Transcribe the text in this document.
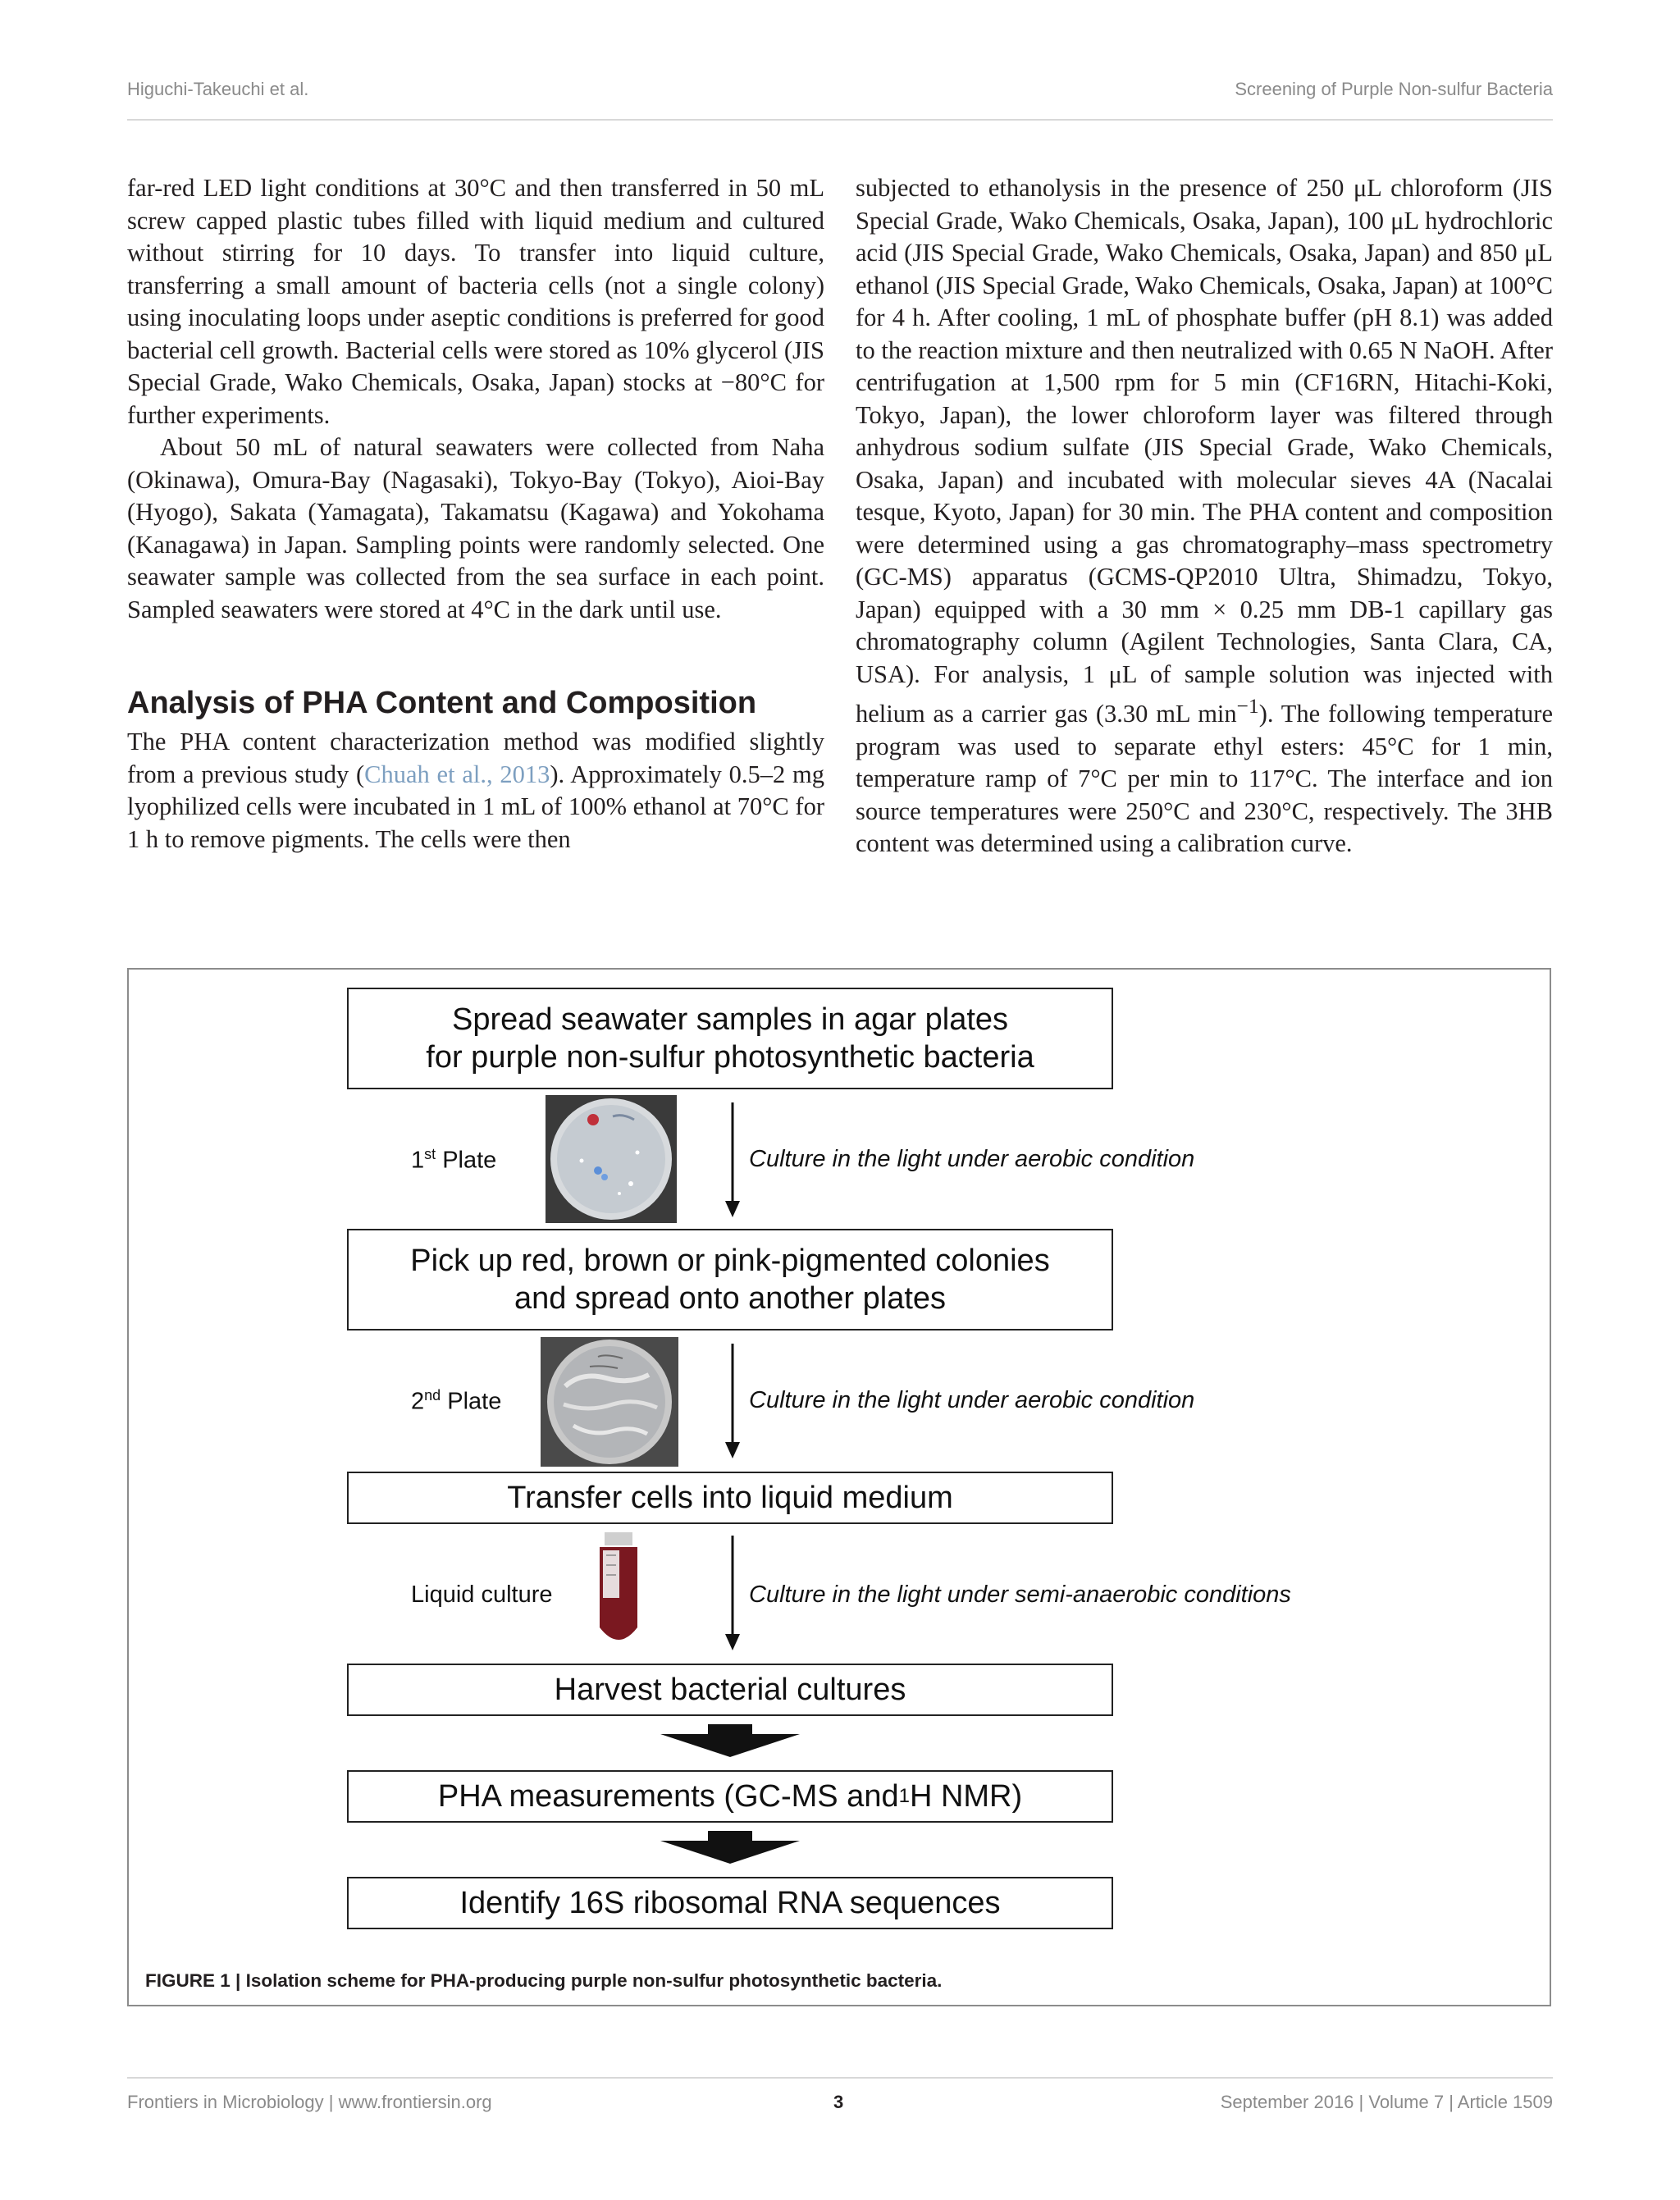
Higuchi-Takeuchi et al.	Screening of Purple Non-sulfur Bacteria

far-red LED light conditions at 30°C and then transferred in 50 mL screw capped plastic tubes filled with liquid medium and cultured without stirring for 10 days. To transfer into liquid culture, transferring a small amount of bacteria cells (not a single colony) using inoculating loops under aseptic conditions is preferred for good bacterial cell growth. Bacterial cells were stored as 10% glycerol (JIS Special Grade, Wako Chemicals, Osaka, Japan) stocks at −80°C for further experiments.

About 50 mL of natural seawaters were collected from Naha (Okinawa), Omura-Bay (Nagasaki), Tokyo-Bay (Tokyo), Aioi-Bay (Hyogo), Sakata (Yamagata), Takamatsu (Kagawa) and Yokohama (Kanagawa) in Japan. Sampling points were randomly selected. One seawater sample was collected from the sea surface in each point. Sampled seawaters were stored at 4°C in the dark until use.

Analysis of PHA Content and Composition

The PHA content characterization method was modified slightly from a previous study (Chuah et al., 2013). Approximately 0.5–2 mg lyophilized cells were incubated in 1 mL of 100% ethanol at 70°C for 1 h to remove pigments. The cells were then

subjected to ethanolysis in the presence of 250 μL chloroform (JIS Special Grade, Wako Chemicals, Osaka, Japan), 100 μL hydrochloric acid (JIS Special Grade, Wako Chemicals, Osaka, Japan) and 850 μL ethanol (JIS Special Grade, Wako Chemicals, Osaka, Japan) at 100°C for 4 h. After cooling, 1 mL of phosphate buffer (pH 8.1) was added to the reaction mixture and then neutralized with 0.65 N NaOH. After centrifugation at 1,500 rpm for 5 min (CF16RN, Hitachi-Koki, Tokyo, Japan), the lower chloroform layer was filtered through anhydrous sodium sulfate (JIS Special Grade, Wako Chemicals, Osaka, Japan) and incubated with molecular sieves 4A (Nacalai tesque, Kyoto, Japan) for 30 min. The PHA content and composition were determined using a gas chromatography–mass spectrometry (GC-MS) apparatus (GCMS-QP2010 Ultra, Shimadzu, Tokyo, Japan) equipped with a 30 mm × 0.25 mm DB-1 capillary gas chromatography column (Agilent Technologies, Santa Clara, CA, USA). For analysis, 1 μL of sample solution was injected with helium as a carrier gas (3.30 mL $\min^{-1}$). The following temperature program was used to separate ethyl esters: 45°C for 1 min, temperature ramp of 7°C per min to 117°C. The interface and ion source temperatures were 250°C and 230°C, respectively. The 3HB content was determined using a calibration curve.

Spread seawater samples in agar plates
for purple non-sulfur photosynthetic bacteria
1st Plate	Culture in the light under aerobic condition
Pick up red, brown or pink-pigmented colonies
and spread onto another plates
2nd Plate	Culture in the light under aerobic condition
Transfer cells into liquid medium
Liquid culture	Culture in the light under semi-anaerobic conditions
Harvest bacterial cultures
PHA measurements (GC-MS and 1 H NMR)
Identify 16S ribosomal RNA sequences
FIGURE 1 | Isolation scheme for PHA-producing purple non-sulfur photosynthetic bacteria.
Frontiers in Microbiology | www.frontiersin.org	3	September 2016 | Volume 7 | Article 1509
